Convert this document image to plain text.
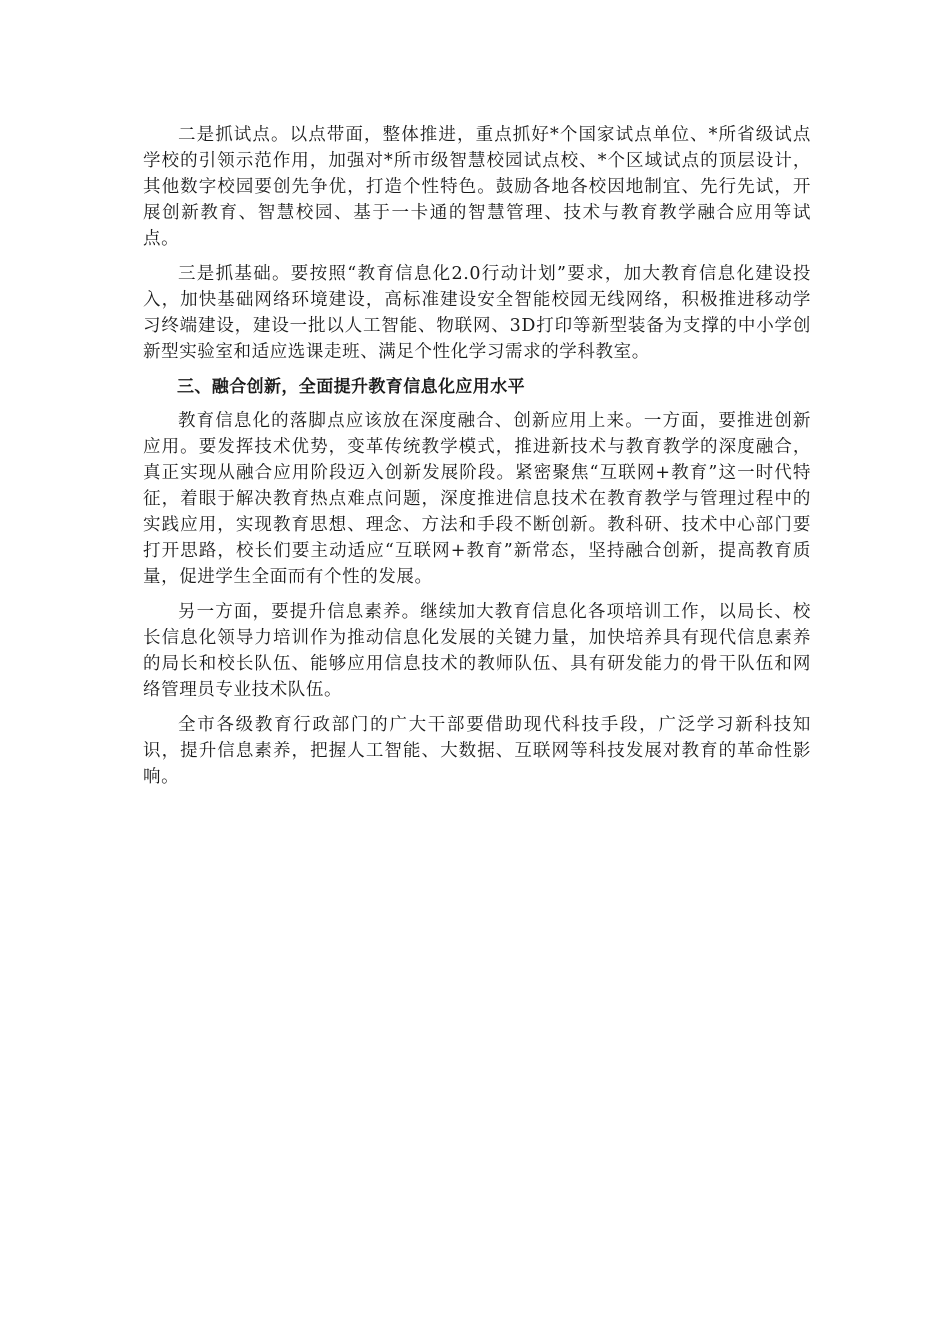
二是抓试点。以点带面，整体推进，重点抓好*个国家试点单位、*所省级试点学校的引领示范作用，加强对*所市级智慧校园试点校、*个区域试点的顶层设计，其他数字校园要创先争优，打造个性特色。鼓励各地各校因地制宜、先行先试，开展创新教育、智慧校园、基于一卡通的智慧管理、技术与教育教学融合应用等试点。

三是抓基础。要按照“教育信息化2.0行动计划”要求，加大教育信息化建设投入，加快基础网络环境建设，高标准建设安全智能校园无线网络，积极推进移动学习终端建设，建设一批以人工智能、物联网、3D打印等新型装备为支撑的中小学创新型实验室和适应选课走班、满足个性化学习需求的学科教室。

三、融合创新，全面提升教育信息化应用水平

教育信息化的落脚点应该放在深度融合、创新应用上来。一方面，要推进创新应用。要发挥技术优势，变革传统教学模式，推进新技术与教育教学的深度融合，真正实现从融合应用阶段迈入创新发展阶段。紧密聚焦“互联网+教育”这一时代特征，着眼于解决教育热点难点问题，深度推进信息技术在教育教学与管理过程中的实践应用，实现教育思想、理念、方法和手段不断创新。教科研、技术中心部门要打开思路，校长们要主动适应“互联网+教育”新常态，坚持融合创新，提高教育质量，促进学生全面而有个性的发展。

另一方面，要提升信息素养。继续加大教育信息化各项培训工作，以局长、校长信息化领导力培训作为推动信息化发展的关键力量，加快培养具有现代信息素养的局长和校长队伍、能够应用信息技术的教师队伍、具有研发能力的骨干队伍和网络管理员专业技术队伍。

全市各级教育行政部门的广大干部要借助现代科技手段，广泛学习新科技知识，提升信息素养，把握人工智能、大数据、互联网等科技发展对教育的革命性影响。
